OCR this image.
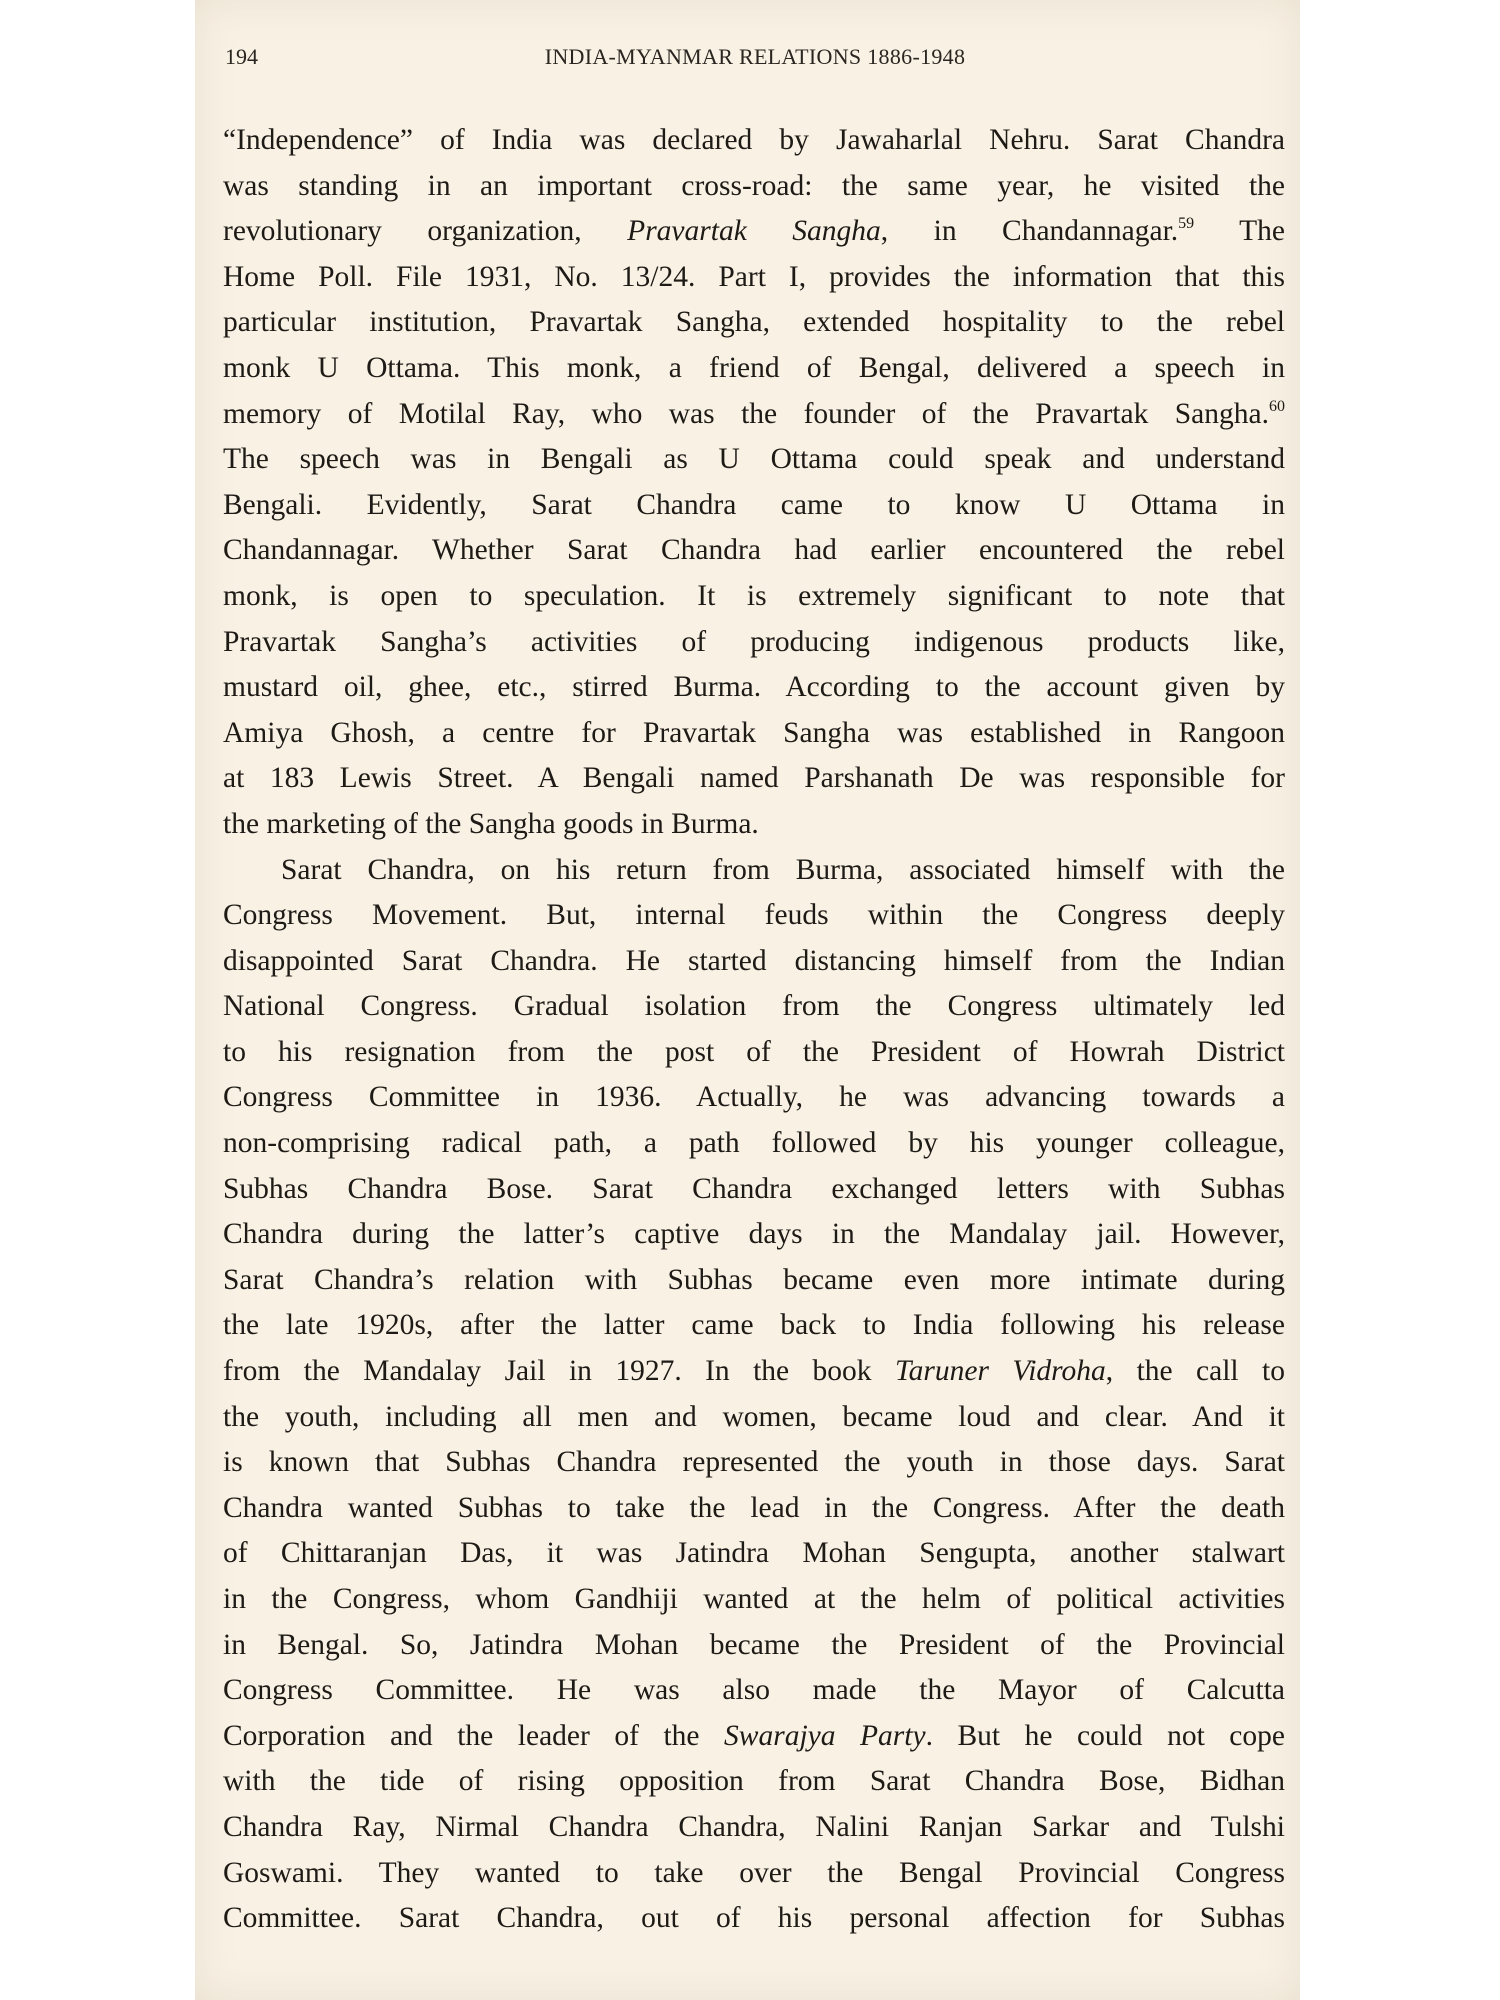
194	INDIA-MYANMAR RELATIONS 1886-1948
“Independence” of India was declared by Jawaharlal Nehru. Sarat Chandra
was standing in an important cross-road: the same year, he visited the
revolutionary organization, Pravartak Sangha, in Chandannagar.$^{59}$ The
Home Poll. File 1931, No. 13/24. Part I, provides the information that this
particular institution, Pravartak Sangha, extended hospitality to the rebel
monk U Ottama. This monk, a friend of Bengal, delivered a speech in
memory of Motilal Ray, who was the founder of the Pravartak Sangha.$^{60}$
The speech was in Bengali as U Ottama could speak and understand
Bengali. Evidently, Sarat Chandra came to know U Ottama in
Chandannagar. Whether Sarat Chandra had earlier encountered the rebel
monk, is open to speculation. It is extremely significant to note that
Pravartak Sangha’s activities of producing indigenous products like,
mustard oil, ghee, etc., stirred Burma. According to the account given by
Amiya Ghosh, a centre for Pravartak Sangha was established in Rangoon
at 183 Lewis Street. A Bengali named Parshanath De was responsible for
the marketing of the Sangha goods in Burma.
Sarat Chandra, on his return from Burma, associated himself with the
Congress Movement. But, internal feuds within the Congress deeply
disappointed Sarat Chandra. He started distancing himself from the Indian
National Congress. Gradual isolation from the Congress ultimately led
to his resignation from the post of the President of Howrah District
Congress Committee in 1936. Actually, he was advancing towards a
non-comprising radical path, a path followed by his younger colleague,
Subhas Chandra Bose. Sarat Chandra exchanged letters with Subhas
Chandra during the latter’s captive days in the Mandalay jail. However,
Sarat Chandra’s relation with Subhas became even more intimate during
the late 1920s, after the latter came back to India following his release
from the Mandalay Jail in 1927. In the book Taruner Vidroha, the call to
the youth, including all men and women, became loud and clear. And it
is known that Subhas Chandra represented the youth in those days. Sarat
Chandra wanted Subhas to take the lead in the Congress. After the death
of Chittaranjan Das, it was Jatindra Mohan Sengupta, another stalwart
in the Congress, whom Gandhiji wanted at the helm of political activities
in Bengal. So, Jatindra Mohan became the President of the Provincial
Congress Committee. He was also made the Mayor of Calcutta
Corporation and the leader of the Swarajya Party. But he could not cope
with the tide of rising opposition from Sarat Chandra Bose, Bidhan
Chandra Ray, Nirmal Chandra Chandra, Nalini Ranjan Sarkar and Tulshi
Goswami. They wanted to take over the Bengal Provincial Congress
Committee. Sarat Chandra, out of his personal affection for Subhas
